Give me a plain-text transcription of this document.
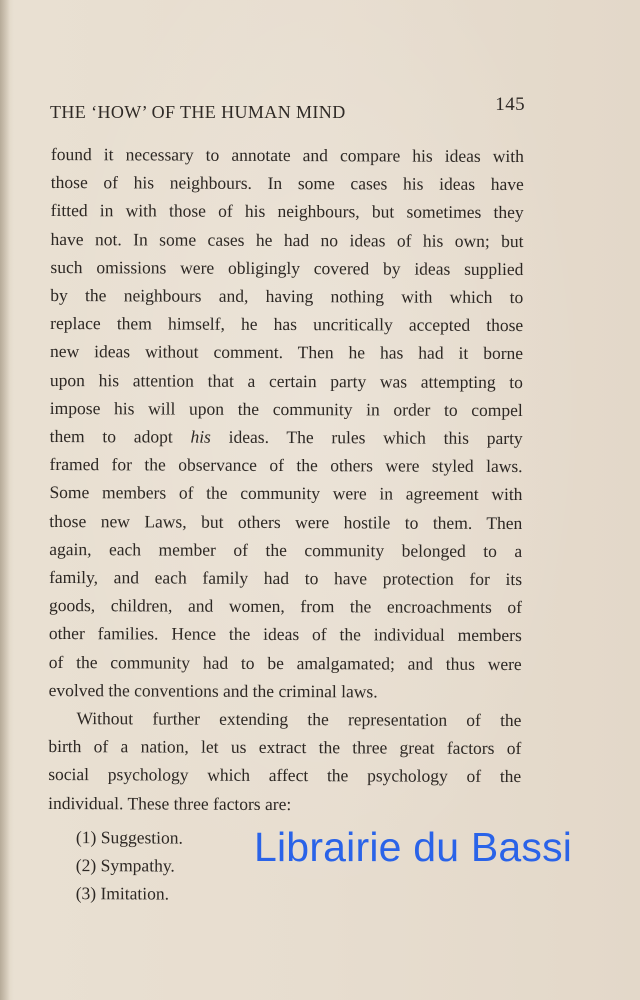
THE ‘HOW’ OF THE HUMAN MIND	145
found it necessary to annotate and compare his ideas with
those of his neighbours. In some cases his ideas have
fitted in with those of his neighbours, but sometimes they
have not. In some cases he had no ideas of his own; but
such omissions were obligingly covered by ideas supplied
by the neighbours and, having nothing with which to
replace them himself, he has uncritically accepted those
new ideas without comment. Then he has had it borne
upon his attention that a certain party was attempting to
impose his will upon the community in order to compel
them to adopt his ideas. The rules which this party
framed for the observance of the others were styled laws.
Some members of the community were in agreement with
those new Laws, but others were hostile to them. Then
again, each member of the community belonged to a
family, and each family had to have protection for its
goods, children, and women, from the encroachments of
other families. Hence the ideas of the individual members
of the community had to be amalgamated; and thus were
evolved the conventions and the criminal laws.
Without further extending the representation of the
birth of a nation, let us extract the three great factors of
social psychology which affect the psychology of the
individual. These three factors are:
(1) Suggestion.
(2) Sympathy.
(3) Imitation.
Librairie du Bassi
